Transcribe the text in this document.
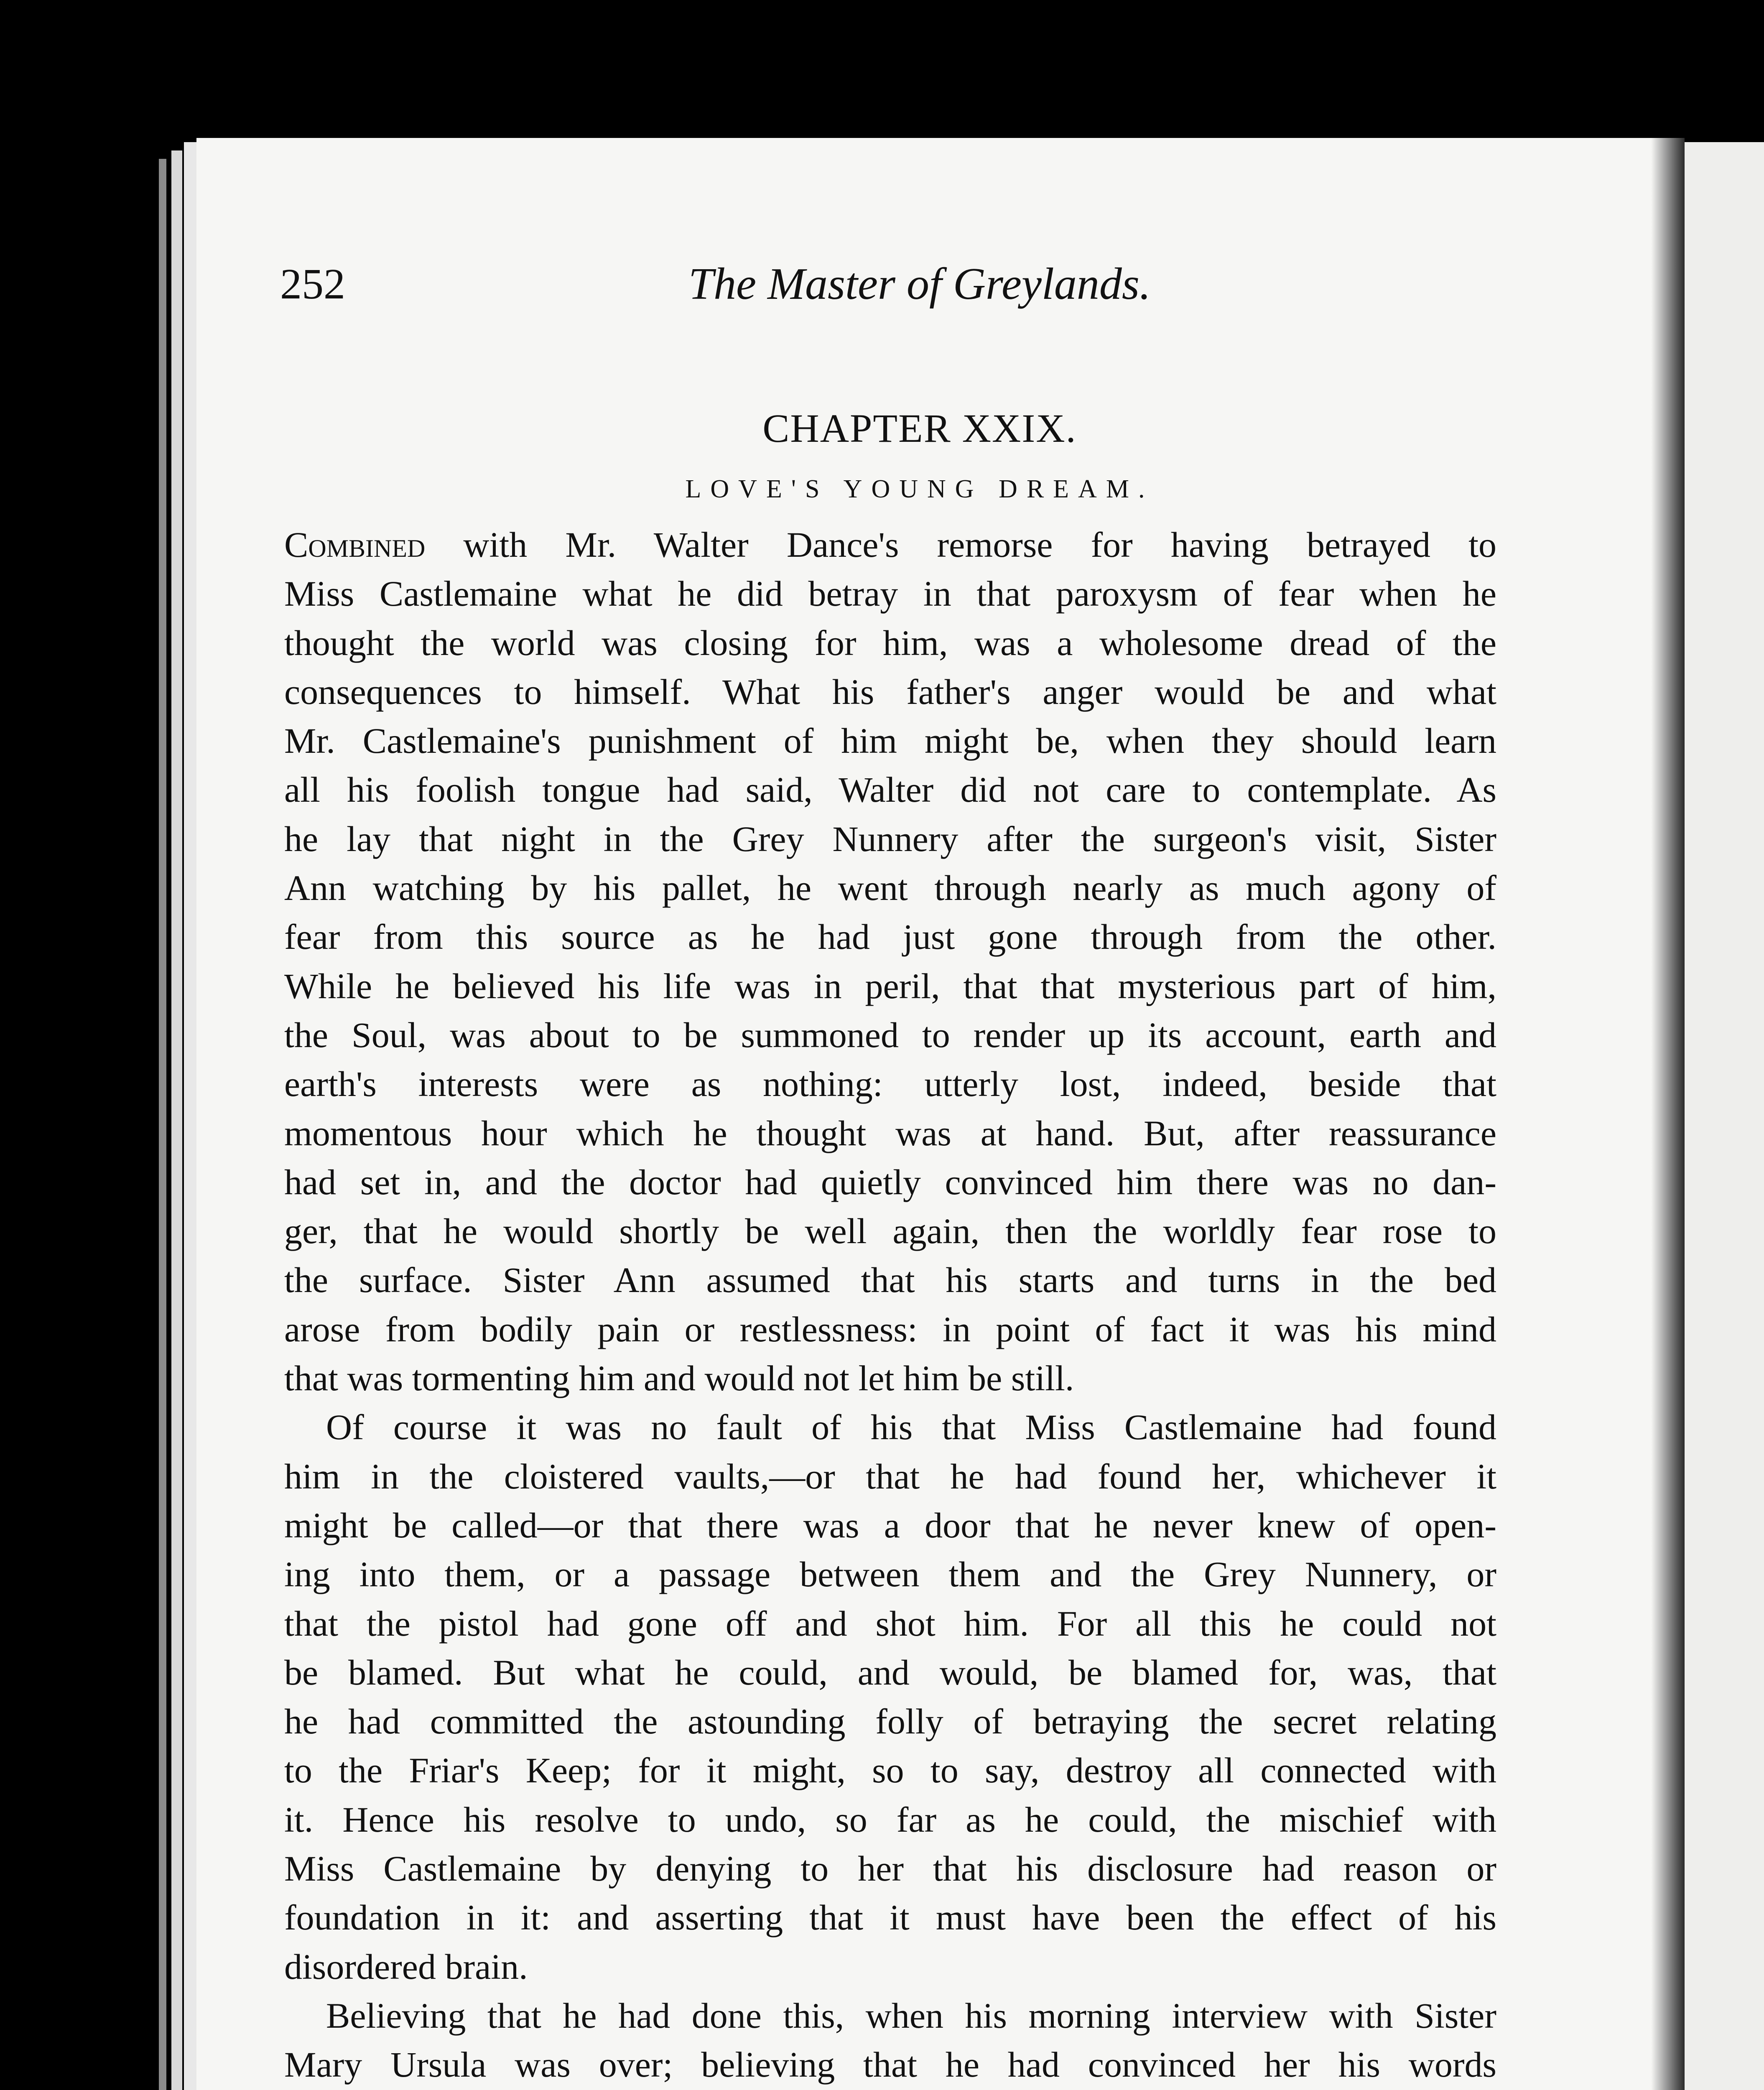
252	The Master of Greylands.
CHAPTER XXIX.
LOVE'S YOUNG DREAM.

Combined with Mr. Walter Dance's remorse for having betrayed to
Miss Castlemaine what he did betray in that paroxysm of fear when he
thought the world was closing for him, was a wholesome dread of the
consequences to himself. What his father's anger would be and what
Mr. Castlemaine's punishment of him might be, when they should learn
all his foolish tongue had said, Walter did not care to contemplate. As
he lay that night in the Grey Nunnery after the surgeon's visit, Sister
Ann watching by his pallet, he went through nearly as much agony of
fear from this source as he had just gone through from the other.
While he believed his life was in peril, that that mysterious part of him,
the Soul, was about to be summoned to render up its account, earth and
earth's interests were as nothing: utterly lost, indeed, beside that
momentous hour which he thought was at hand. But, after reassurance
had set in, and the doctor had quietly convinced him there was no dan-
ger, that he would shortly be well again, then the worldly fear rose to
the surface. Sister Ann assumed that his starts and turns in the bed
arose from bodily pain or restlessness: in point of fact it was his mind
that was tormenting him and would not let him be still.

Of course it was no fault of his that Miss Castlemaine had found
him in the cloistered vaults,—or that he had found her, whichever it
might be called—or that there was a door that he never knew of open-
ing into them, or a passage between them and the Grey Nunnery, or
that the pistol had gone off and shot him. For all this he could not
be blamed. But what he could, and would, be blamed for, was, that
he had committed the astounding folly of betraying the secret relating
to the Friar's Keep; for it might, so to say, destroy all connected with
it. Hence his resolve to undo, so far as he could, the mischief with
Miss Castlemaine by denying to her that his disclosure had reason or
foundation in it: and asserting that it must have been the effect of his
disordered brain.

Believing that he had done this, when his morning interview with Sister
Mary Ursula was over; believing that he had convinced her his words
